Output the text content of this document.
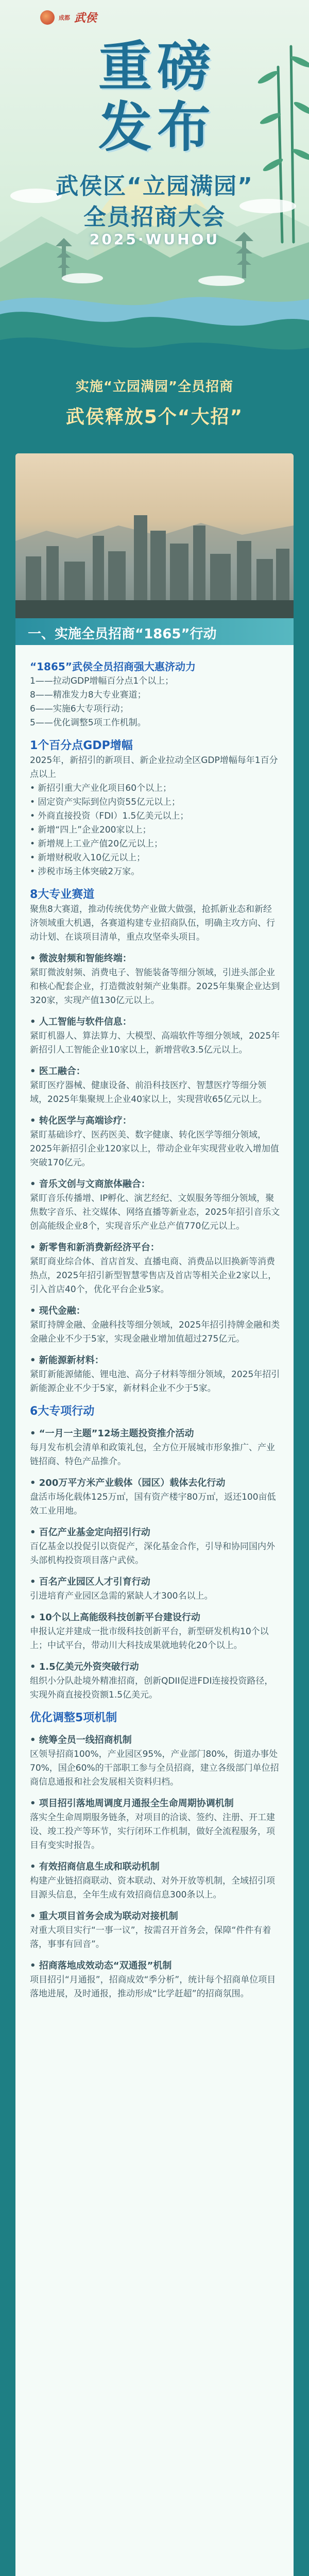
成都 武侯
重磅发布
武侯区“立园满园”
全员招商大会
2025·WUHOU
实施“立园满园”全员招商
武侯释放5个“大招”
一、实施全员招商“1865”行动
“1865”武侯全员招商强大惠济动力
1——拉动GDP增幅百分点1个以上；
8——精准发力8大专业赛道；
6——实施6大专项行动；
5——优化调整5项工作机制。
1个百分点GDP增幅
2025年，新招引的新项目、新企业拉动全区GDP增幅每年1百分点以上
• 新招引重大产业化项目60个以上；
• 固定资产实际到位内资55亿元以上；
• 外商直接投资（FDI）1.5亿美元以上；
• 新增“四上”企业200家以上；
• 新增规上工业产值20亿元以上；
• 新增财税收入10亿元以上；
• 涉税市场主体突破2万家。
8大专业赛道
聚焦8大赛道，推动传统优势产业做大做强，抢抓新业态和新经济领域重大机遇，各赛道构建专业招商队伍，明确主攻方向、行动计划、在谈项目清单，重点攻坚牵头项目。
• 微波射频和智能终端：
紧盯微波射频、消费电子、智能装备等细分领域，引进头部企业和核心配套企业，打造微波射频产业集群。2025年集聚企业达到320家，实现产值130亿元以上。
• 人工智能与软件信息：
紧盯机器人、算法算力、大模型、高端软件等细分领域，2025年新招引人工智能企业10家以上，新增营收3.5亿元以上。
• 医工融合：
紧盯医疗器械、健康设备、前沿科技医疗、智慧医疗等细分领域，2025年集聚规上企业40家以上，实现营收65亿元以上。
• 转化医学与高端诊疗：
紧盯基础诊疗、医药医美、数字健康、转化医学等细分领域，2025年新招引企业120家以上，带动企业年实现营业收入增加值突破170亿元。
• 音乐文创与文商旅体融合：
紧盯音乐传播增、IP孵化、演艺经纪、文娱服务等细分领域，聚焦数字音乐、社交媒体、网络直播等新业态，2025年招引音乐文创高能级企业8个，实现音乐产业总产值770亿元以上。
• 新零售和新消费新经济平台：
紧盯商业综合体、首店首发、直播电商、消费品以旧换新等消费热点，2025年招引新型智慧零售店及首店等相关企业2家以上，引入首店40个，优化平台企业5家。
• 现代金融：
紧盯持牌金融、金融科技等细分领域，2025年招引持牌金融和类金融企业不少于5家，实现金融业增加值超过275亿元。
• 新能源新材料：
紧盯新能源储能、锂电池、高分子材料等细分领域，2025年招引新能源企业不少于5家，新材料企业不少于5家。
6大专项行动
• “一月一主题”12场主题投资推介活动
每月发布机会清单和政策礼包，全方位开展城市形象推广、产业链招商、特色产品推介。
• 200万平方米产业载体（园区）载体去化行动
盘活市场化载体125万㎡，国有资产楼宇80万㎡，返还100亩低效工业用地。
• 百亿产业基金定向招引行动
百亿基金以投促引以资促产，深化基金合作，引导和协同国内外头部机构投资项目落户武侯。
• 百名产业园区人才引育行动
引进培育产业园区急需的紧缺人才300名以上。
• 10个以上高能级科技创新平台建设行动
申报认定并建成一批市级科技创新平台，新型研发机构10个以上；中试平台，带动川大科技成果就地转化20个以上。
• 1.5亿美元外资突破行动
组织小分队赴境外精准招商，创新QDII促进FDI连接投资路径，实现外商直接投资额1.5亿美元。
优化调整5项机制
• 统筹全员一线招商机制
区领导招商100%，产业园区95%，产业部门80%，街道办事处70%，国企60%的干部职工参与全员招商，建立各级部门单位招商信息通报和社会发展相关资料归档。
• 项目招引落地周调度月通报全生命周期协调机制
落实全生命周期服务链条，对项目的洽谈、签约、注册、开工建设、竣工投产等环节，实行闭环工作机制，做好全流程服务，项目有变实时报告。
• 有效招商信息生成和联动机制
构建产业链招商联动、资本联动、对外开放等机制，全域招引项目源头信息，全年生成有效招商信息300条以上。
• 重大项目首务会成为联动对接机制
对重大项目实行“一事一议”，按需召开首务会，保障“件件有着落，事事有回音”。
• 招商落地成效动态“双通报”机制
项目招引“月通报”，招商成效“季分析”，统计每个招商单位项目落地进展，及时通报，推动形成“比学赶超”的招商氛围。
